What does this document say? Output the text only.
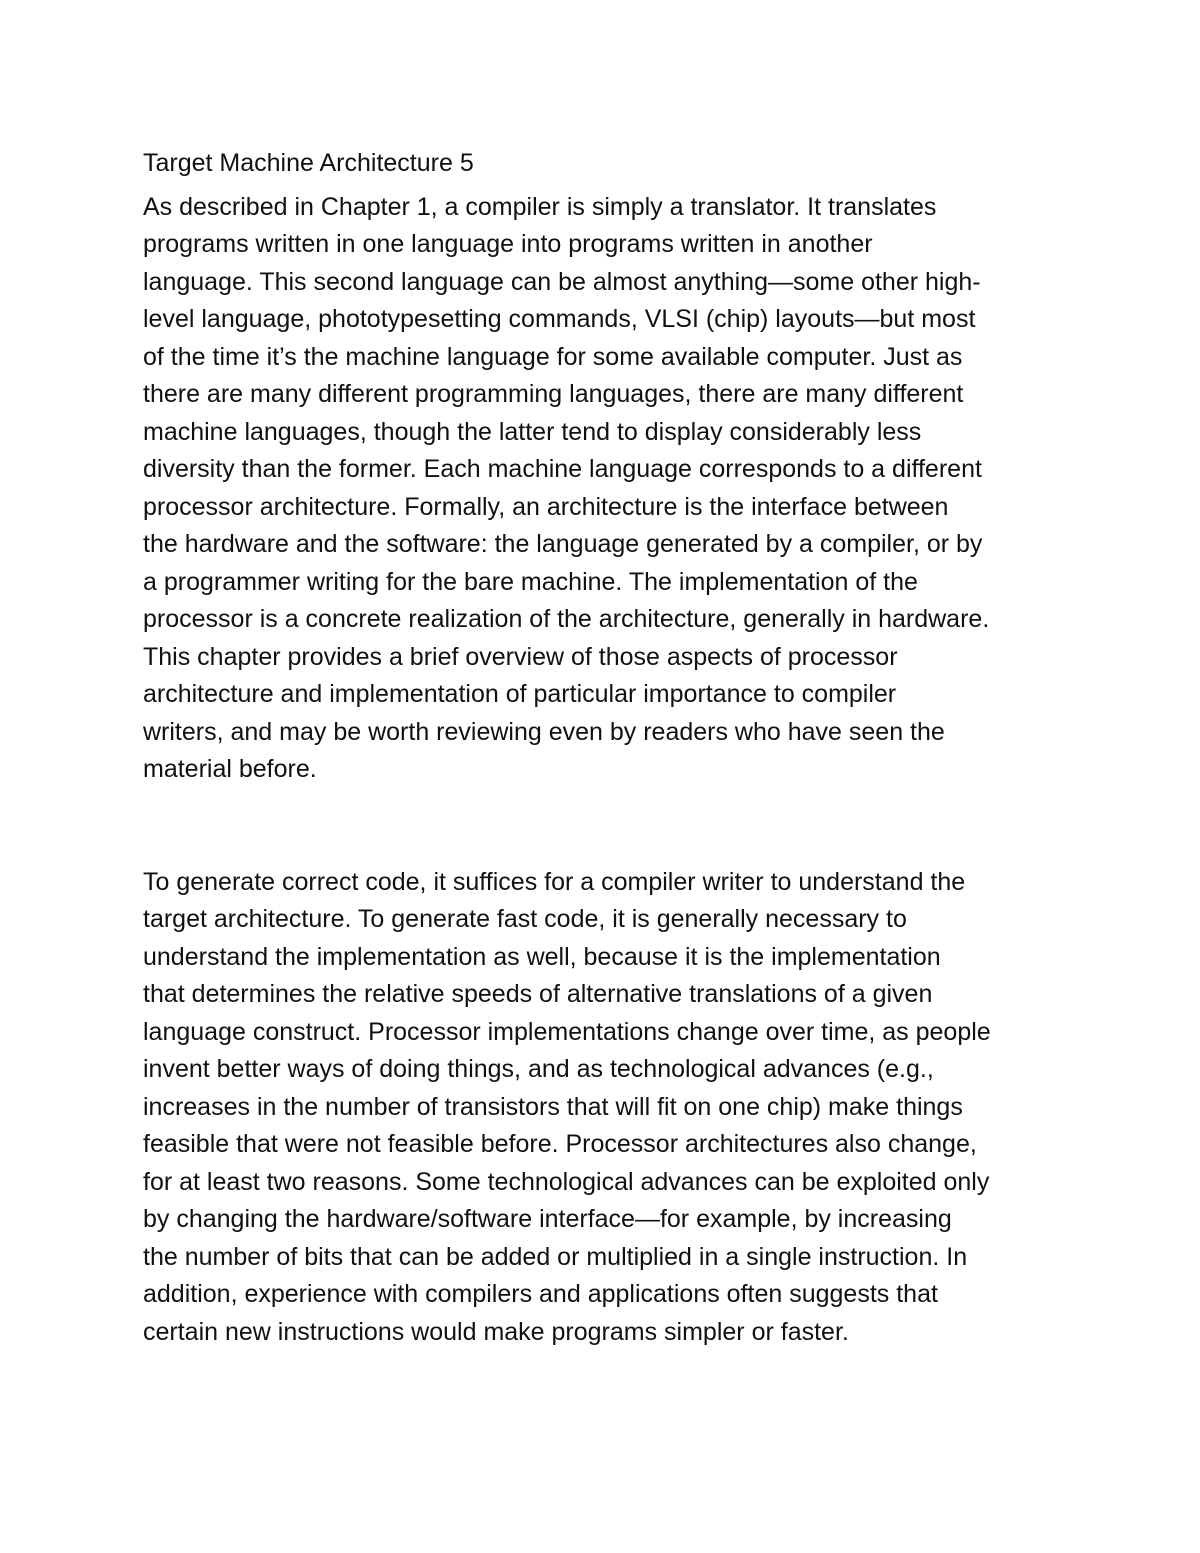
Target Machine Architecture 5

As described in Chapter 1, a compiler is simply a translator. It translates
programs written in one language into programs written in another
language. This second language can be almost anything—some other high-
level language, phototypesetting commands, VLSI (chip) layouts—but most
of the time it’s the machine language for some available computer. Just as
there are many different programming languages, there are many different
machine languages, though the latter tend to display considerably less
diversity than the former. Each machine language corresponds to a different
processor architecture. Formally, an architecture is the interface between
the hardware and the software: the language generated by a compiler, or by
a programmer writing for the bare machine. The implementation of the
processor is a concrete realization of the architecture, generally in hardware.
This chapter provides a brief overview of those aspects of processor
architecture and implementation of particular importance to compiler
writers, and may be worth reviewing even by readers who have seen the
material before.

To generate correct code, it suffices for a compiler writer to understand the
target architecture. To generate fast code, it is generally necessary to
understand the implementation as well, because it is the implementation
that determines the relative speeds of alternative translations of a given
language construct. Processor implementations change over time, as people
invent better ways of doing things, and as technological advances (e.g.,
increases in the number of transistors that will fit on one chip) make things
feasible that were not feasible before. Processor architectures also change,
for at least two reasons. Some technological advances can be exploited only
by changing the hardware/software interface—for example, by increasing
the number of bits that can be added or multiplied in a single instruction. In
addition, experience with compilers and applications often suggests that
certain new instructions would make programs simpler or faster.
